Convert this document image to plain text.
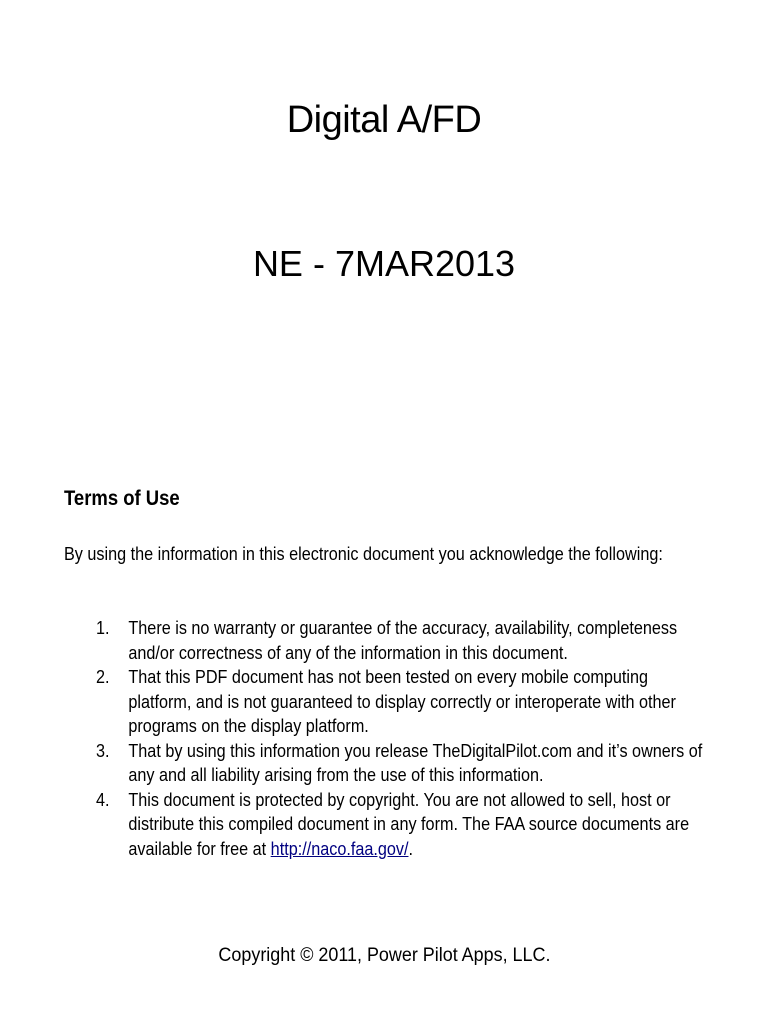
Digital A/FD
NE - 7MAR2013
Terms of Use
By using the information in this electronic document you acknowledge the following:
1.	There is no warranty or guarantee of the accuracy, availability, completeness and/or correctness of any of the information in this document.
2.	That this PDF document has not been tested on every mobile computing platform, and is not guaranteed to display correctly or interoperate with other programs on the display platform.
3.	That by using this information you release TheDigitalPilot.com and it’s owners of any and all liability arising from the use of this information.
4.	This document is protected by copyright. You are not allowed to sell, host or distribute this compiled document in any form. The FAA source documents are available for free at http://naco.faa.gov/.
Copyright © 2011, Power Pilot Apps, LLC.
